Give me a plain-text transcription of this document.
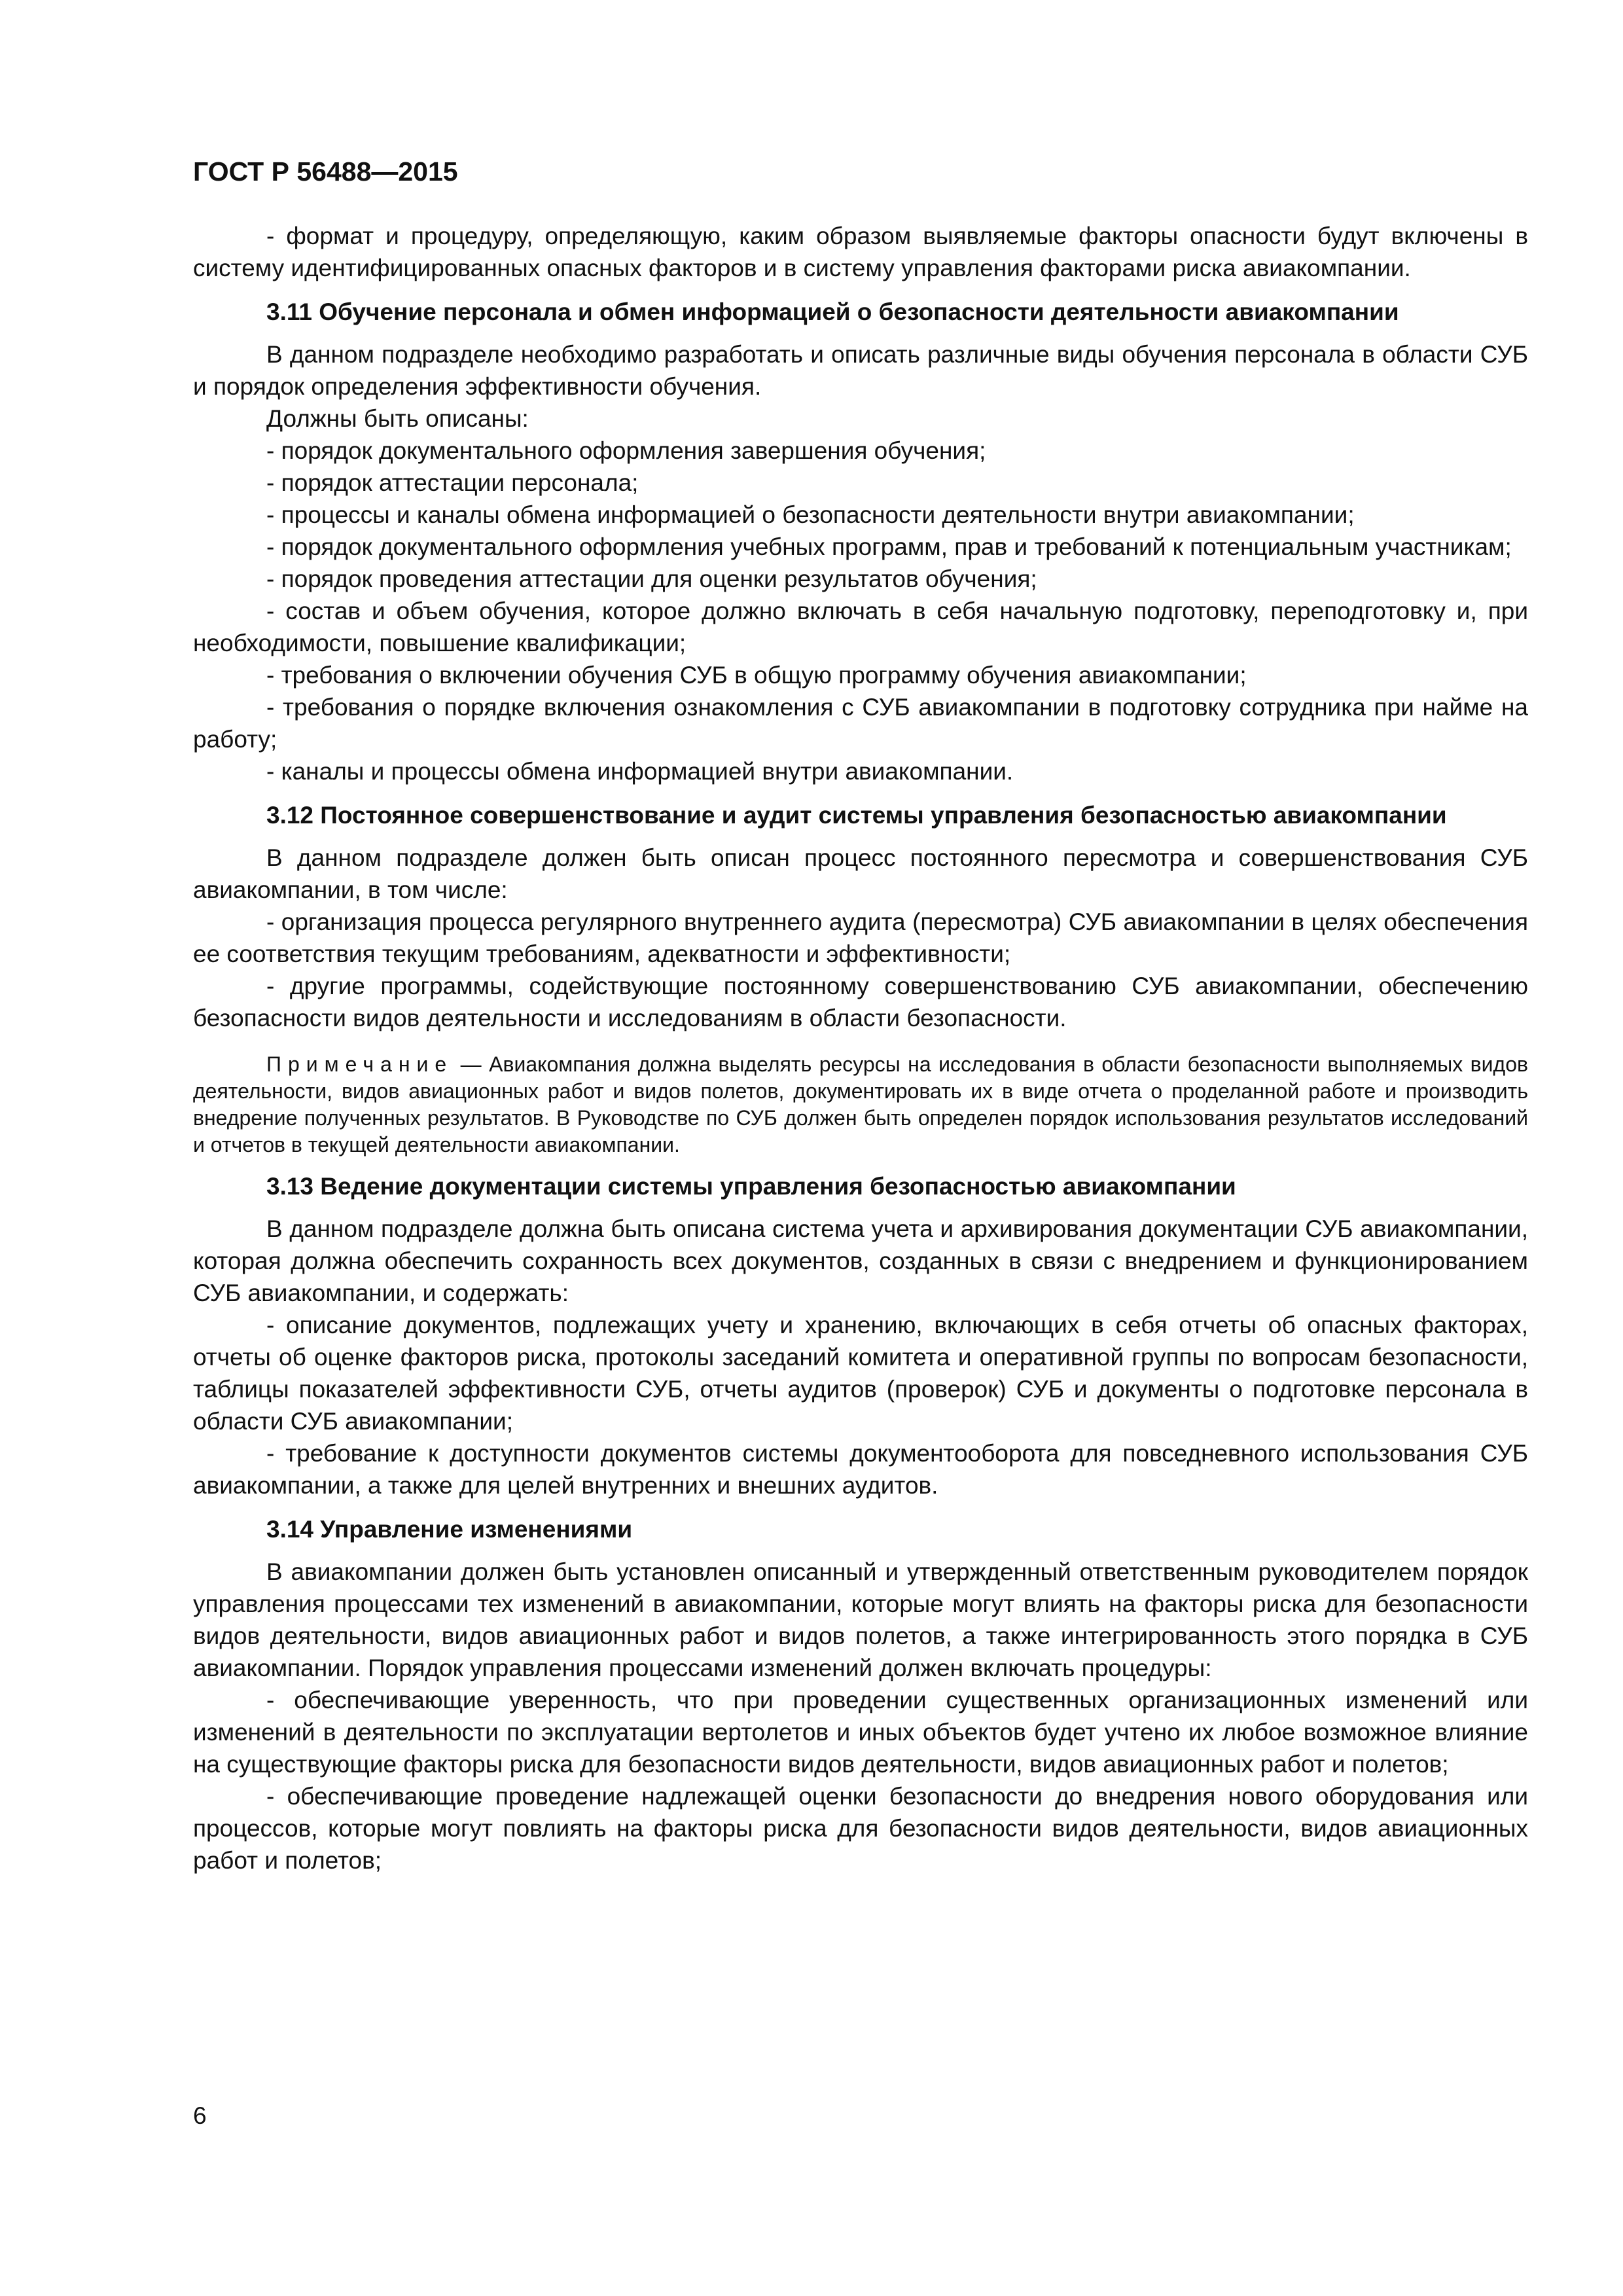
ГОСТ Р 56488—2015

- формат и процедуру, определяющую, каким образом выявляемые факторы опасности будут включены в систему идентифицированных опасных факторов и в систему управления факторами риска авиакомпании.

3.11 Обучение персонала и обмен информацией о безопасности деятельности авиакомпании

В данном подразделе необходимо разработать и описать различные виды обучения персонала в области СУБ и порядок определения эффективности обучения.

Должны быть описаны:

- порядок документального оформления завершения обучения;

- порядок аттестации персонала;

- процессы и каналы обмена информацией о безопасности деятельности внутри авиакомпании;

- порядок документального оформления учебных программ, прав и требований к потенциальным участникам;

- порядок проведения аттестации для оценки результатов обучения;

- состав и объем обучения, которое должно включать в себя начальную подготовку, переподготовку и, при необходимости, повышение квалификации;

- требования о включении обучения СУБ в общую программу обучения авиакомпании;

- требования о порядке включения ознакомления с СУБ авиакомпании в подготовку сотрудника при найме на работу;

- каналы и процессы обмена информацией внутри авиакомпании.

3.12 Постоянное совершенствование и аудит системы управления безопасностью авиакомпании

В данном подразделе должен быть описан процесс постоянного пересмотра и совершенствования СУБ авиакомпании, в том числе:

- организация процесса регулярного внутреннего аудита (пересмотра) СУБ авиакомпании в целях обеспечения ее соответствия текущим требованиям, адекватности и эффективности;

- другие программы, содействующие постоянному совершенствованию СУБ авиакомпании, обеспечению безопасности видов деятельности и исследованиям в области безопасности.

Примечание — Авиакомпания должна выделять ресурсы на исследования в области безопасности выполняемых видов деятельности, видов авиационных работ и видов полетов, документировать их в виде отчета о проделанной работе и производить внедрение полученных результатов. В Руководстве по СУБ должен быть определен порядок использования результатов исследований и отчетов в текущей деятельности авиакомпании.

3.13 Ведение документации системы управления безопасностью авиакомпании

В данном подразделе должна быть описана система учета и архивирования документации СУБ авиакомпании, которая должна обеспечить сохранность всех документов, созданных в связи с внедрением и функционированием СУБ авиакомпании, и содержать:

- описание документов, подлежащих учету и хранению, включающих в себя отчеты об опасных факторах, отчеты об оценке факторов риска, протоколы заседаний комитета и оперативной группы по вопросам безопасности, таблицы показателей эффективности СУБ, отчеты аудитов (проверок) СУБ и документы о подготовке персонала в области СУБ авиакомпании;

- требование к доступности документов системы документооборота для повседневного использования СУБ авиакомпании, а также для целей внутренних и внешних аудитов.

3.14 Управление изменениями

В авиакомпании должен быть установлен описанный и утвержденный ответственным руководителем порядок управления процессами тех изменений в авиакомпании, которые могут влиять на факторы риска для безопасности видов деятельности, видов авиационных работ и видов полетов, а также интегрированность этого порядка в СУБ авиакомпании. Порядок управления процессами изменений должен включать процедуры:

- обеспечивающие уверенность, что при проведении существенных организационных изменений или изменений в деятельности по эксплуатации вертолетов и иных объектов будет учтено их любое возможное влияние на существующие факторы риска для безопасности видов деятельности, видов авиационных работ и полетов;

- обеспечивающие проведение надлежащей оценки безопасности до внедрения нового оборудования или процессов, которые могут повлиять на факторы риска для безопасности видов деятельности, видов авиационных работ и полетов;

6
